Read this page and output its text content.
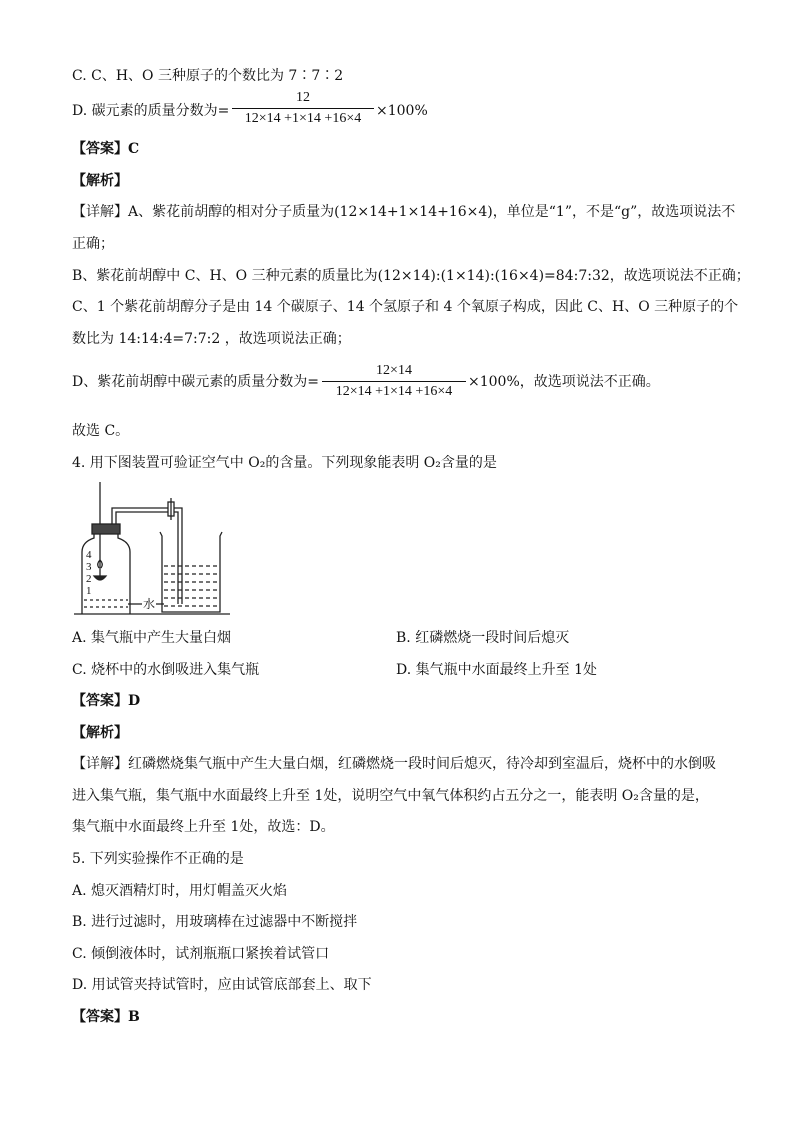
C. C、H、O 三种原子的个数比为 7∶7∶2
D. 碳元素的质量分数为=
12
12×14 +1×14 +16×4	×100%
【答案】C
【解析】
【详解】A、紫花前胡醇的相对分子质量为(12×14+1×14+16×4)，单位是“1”，不是“g”，故选项说法不
正确；
B、紫花前胡醇中 C、H、O 三种元素的质量比为(12×14):(1×14):(16×4)=84:7:32，故选项说法不正确；
C、1 个紫花前胡醇分子是由 14 个碳原子、14 个氢原子和 4 个氧原子构成，因此 C、H、O 三种原子的个
数比为 14:14:4=7:7:2 ，故选项说法正确；
D、紫花前胡醇中碳元素的质量分数为=
12×14
12×14 +1×14 +16×4
×100%，故选项说法不正确。
故选 C。
4. 用下图装置可验证空气中 O₂的含量。下列现象能表明 O₂含量的是
4
3
2
1
水
A. 集气瓶中产生大量白烟	B. 红磷燃烧一段时间后熄灭
C. 烧杯中的水倒吸进入集气瓶	D. 集气瓶中水面最终上升至 1处
【答案】D
【解析】
【详解】红磷燃烧集气瓶中产生大量白烟，红磷燃烧一段时间后熄灭，待冷却到室温后，烧杯中的水倒吸
进入集气瓶，集气瓶中水面最终上升至 1处，说明空气中氧气体积约占五分之一，能表明 O₂含量的是，
集气瓶中水面最终上升至 1处，故选：D。
5. 下列实验操作不正确的是
A. 熄灭酒精灯时，用灯帽盖灭火焰
B. 进行过滤时，用玻璃棒在过滤器中不断搅拌
C. 倾倒液体时，试剂瓶瓶口紧挨着试管口
D. 用试管夹持试管时，应由试管底部套上、取下
【答案】B
